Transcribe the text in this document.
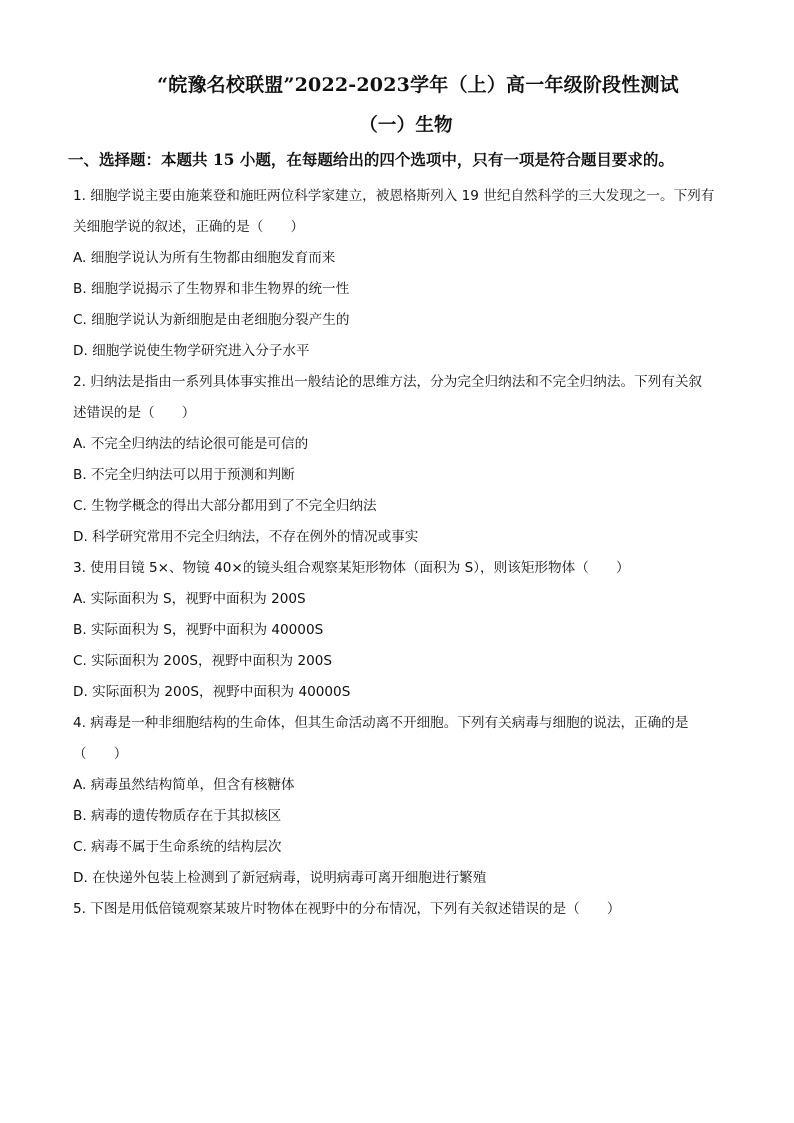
“皖豫名校联盟”2022-2023学年（上）高一年级阶段性测试
（一）生物
一、选择题：本题共 15 小题，在每题给出的四个选项中，只有一项是符合题目要求的。
1. 细胞学说主要由施莱登和施旺两位科学家建立，被恩格斯列入 19 世纪自然科学的三大发现之一。下列有
关细胞学说的叙述，正确的是（　　）
A. 细胞学说认为所有生物都由细胞发育而来
B. 细胞学说揭示了生物界和非生物界的统一性
C. 细胞学说认为新细胞是由老细胞分裂产生的
D. 细胞学说使生物学研究进入分子水平
2. 归纳法是指由一系列具体事实推出一般结论的思维方法，分为完全归纳法和不完全归纳法。下列有关叙
述错误的是（　　）
A. 不完全归纳法的结论很可能是可信的
B. 不完全归纳法可以用于预测和判断
C. 生物学概念的得出大部分都用到了不完全归纳法
D. 科学研究常用不完全归纳法，不存在例外的情况或事实
3. 使用目镜 5×、物镜 40×的镜头组合观察某矩形物体（面积为 S），则该矩形物体（　　）
A. 实际面积为 S，视野中面积为 200S
B. 实际面积为 S，视野中面积为 40000S
C. 实际面积为 200S，视野中面积为 200S
D. 实际面积为 200S，视野中面积为 40000S
4. 病毒是一种非细胞结构的生命体，但其生命活动离不开细胞。下列有关病毒与细胞的说法，正确的是
（　　）
A. 病毒虽然结构简单，但含有核糖体
B. 病毒的遗传物质存在于其拟核区
C. 病毒不属于生命系统的结构层次
D. 在快递外包装上检测到了新冠病毒，说明病毒可离开细胞进行繁殖
5. 下图是用低倍镜观察某玻片时物体在视野中的分布情况，下列有关叙述错误的是（　　）
